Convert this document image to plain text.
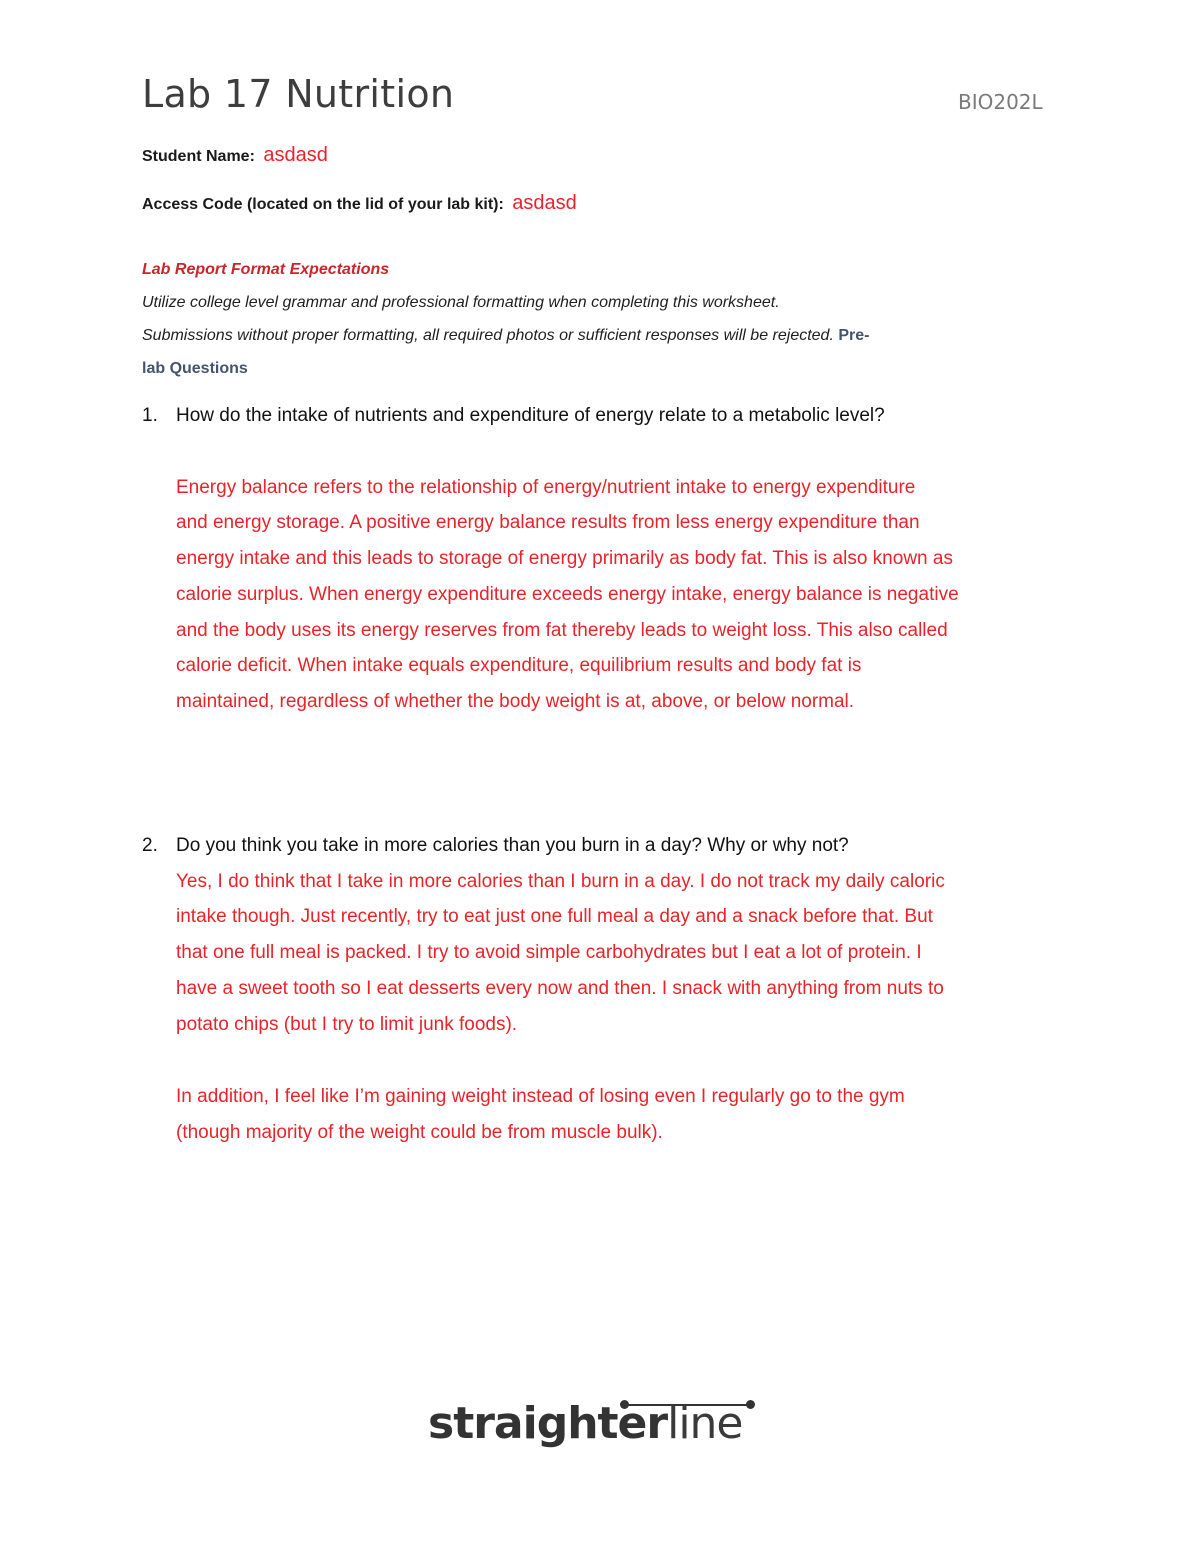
Lab 17 Nutrition	BIO202L
Student Name: asdasd
Access Code (located on the lid of your lab kit): asdasd
Lab Report Format Expectations
Utilize college level grammar and professional formatting when completing this worksheet.
Submissions without proper formatting, all required photos or sufficient responses will be rejected. Pre-
lab Questions
1. How do the intake of nutrients and expenditure of energy relate to a metabolic level?
Energy balance refers to the relationship of energy/nutrient intake to energy expenditure
and energy storage. A positive energy balance results from less energy expenditure than
energy intake and this leads to storage of energy primarily as body fat. This is also known as
calorie surplus. When energy expenditure exceeds energy intake, energy balance is negative
and the body uses its energy reserves from fat thereby leads to weight loss. This also called
calorie deficit. When intake equals expenditure, equilibrium results and body fat is
maintained, regardless of whether the body weight is at, above, or below normal.
2. Do you think you take in more calories than you burn in a day? Why or why not?
Yes, I do think that I take in more calories than I burn in a day. I do not track my daily caloric
intake though. Just recently, try to eat just one full meal a day and a snack before that. But
that one full meal is packed. I try to avoid simple carbohydrates but I eat a lot of protein. I
have a sweet tooth so I eat desserts every now and then. I snack with anything from nuts to
potato chips (but I try to limit junk foods).
In addition, I feel like I’m gaining weight instead of losing even I regularly go to the gym
(though majority of the weight could be from muscle bulk).
straighterline
